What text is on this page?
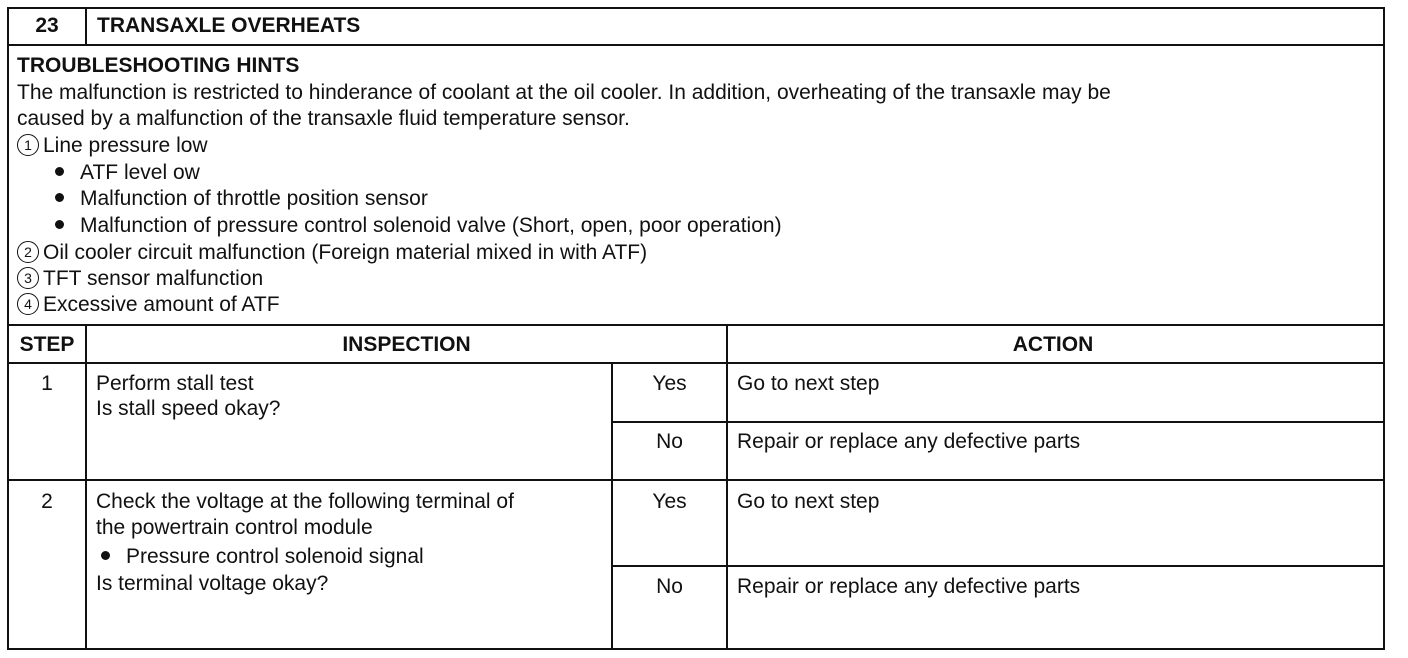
23	TRANSAXLE OVERHEATS
TROUBLESHOOTING HINTS
The malfunction is restricted to hinderance of coolant at the oil cooler. In addition, overheating of the transaxle may be
caused by a malfunction of the transaxle fluid temperature sensor.
1 Line pressure low
ATF level ow
Malfunction of throttle position sensor
Malfunction of pressure control solenoid valve (Short, open, poor operation)
2 Oil cooler circuit malfunction (Foreign material mixed in with ATF)
3 TFT sensor malfunction
4 Excessive amount of ATF
STEP	INSPECTION	ACTION
1	Perform stall test
Is stall speed okay?
Yes	Go to next step
No	Repair or replace any defective parts
2	Check the voltage at the following terminal of
the powertrain control module
Pressure control solenoid signal
Is terminal voltage okay?
Yes	Go to next step
No	Repair or replace any defective parts
